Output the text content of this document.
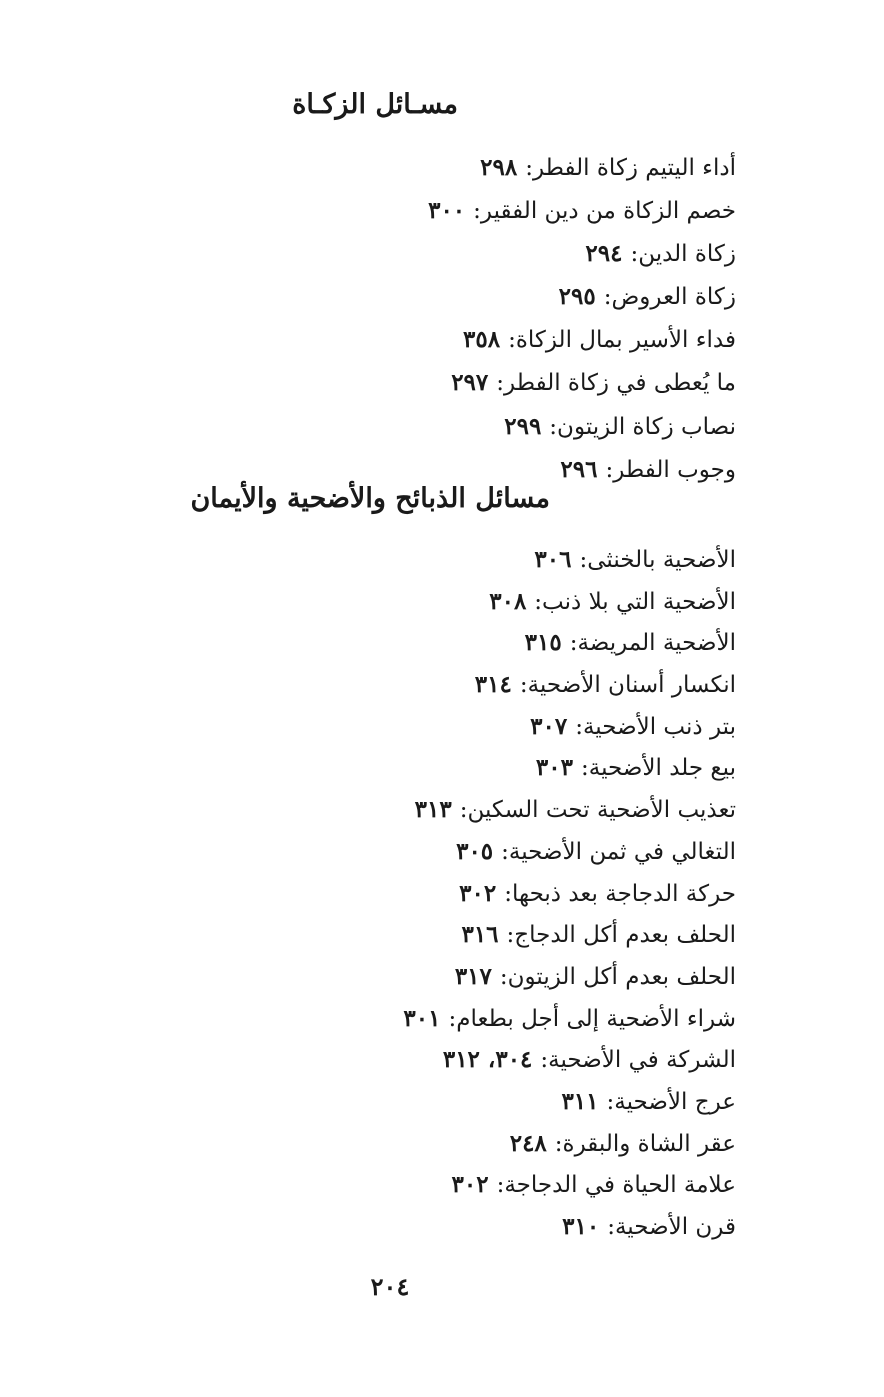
مسـائل الزكـاة
أداء اليتيم زكاة الفطر
:
٢٩٨
خصم الزكاة من دين الفقير
:
٣٠٠
زكاة الدين
:
٢٩٤
زكاة العروض
:
٢٩٥
فداء الأسير بمال الزكاة
:
٣٥٨
ما يُعطى في زكاة الفطر
:
٢٩٧
نصاب زكاة الزيتون
:
٢٩٩
وجوب الفطر
:
٢٩٦
مسائل الذبائح والأضحية والأيمان
الأضحية بالخنثى
:
٣٠٦
الأضحية التي بلا ذنب
:
٣٠٨
الأضحية المريضة
:
٣١٥
انكسار أسنان الأضحية
:
٣١٤
بتر ذنب الأضحية
:
٣٠٧
بيع جلد الأضحية
:
٣٠٣
تعذيب الأضحية تحت السكين
:
٣١٣
التغالي في ثمن الأضحية
:
٣٠٥
حركة الدجاجة بعد ذبحها
:
٣٠٢
الحلف بعدم أكل الدجاج
:
٣١٦
الحلف بعدم أكل الزيتون
:
٣١٧
شراء الأضحية إلى أجل بطعام
:
٣٠١
الشركة في الأضحية
:
٣٠٤، ٣١٢
عرج الأضحية
:
٣١١
عقر الشاة والبقرة
:
٢٤٨
علامة الحياة في الدجاجة
:
٣٠٢
قرن الأضحية
:
٣١٠
٢٠٤
